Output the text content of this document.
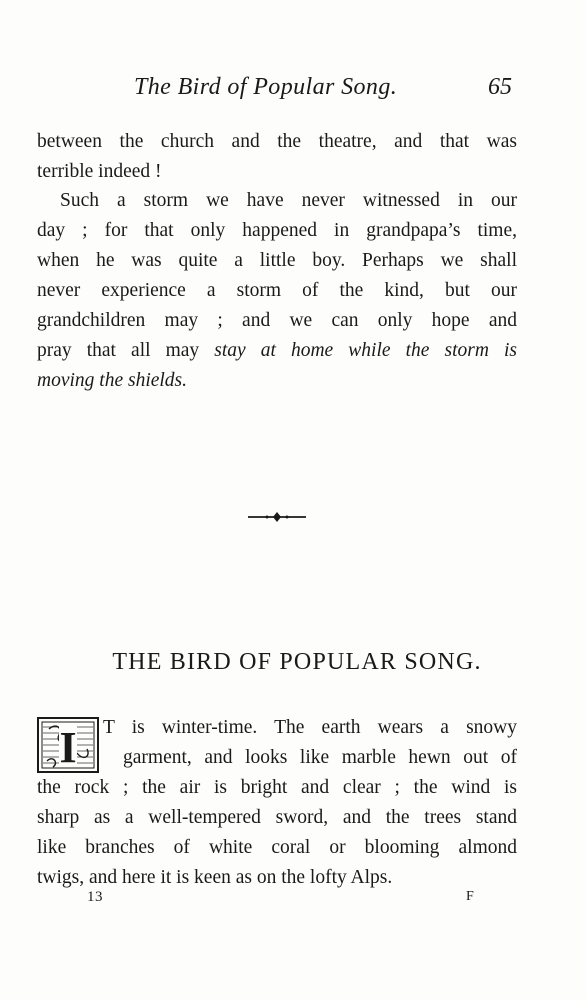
The Bird of Popular Song.	65
between the church and the theatre, and that was
terrible indeed !
Such a storm we have never witnessed in our
day ; for that only happened in grandpapa’s time,
when he was quite a little boy. Perhaps we shall
never experience a storm of the kind, but our
grandchildren may ; and we can only hope and
pray that all may stay at home while the storm is
moving the shields.
THE BIRD OF POPULAR SONG.
I	T is winter-time. The earth wears a snowy
garment, and looks like marble hewn out of
the rock ; the air is bright and clear ; the wind is
sharp as a well-tempered sword, and the trees stand
like branches of white coral or blooming almond
twigs, and here it is keen as on the lofty Alps.
13	F
